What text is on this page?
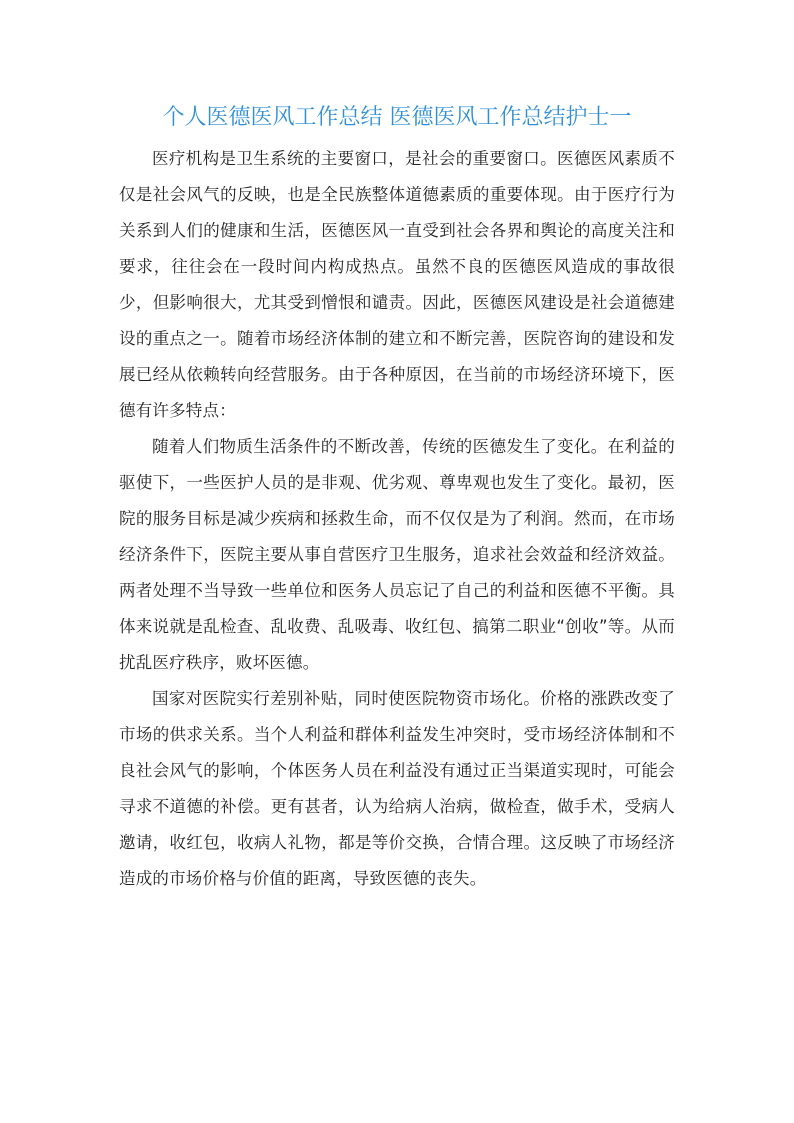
个人医德医风工作总结 医德医风工作总结护士一

医疗机构是卫生系统的主要窗口，是社会的重要窗口。医德医风素质不仅是社会风气的反映，也是全民族整体道德素质的重要体现。由于医疗行为关系到人们的健康和生活，医德医风一直受到社会各界和舆论的高度关注和要求，往往会在一段时间内构成热点。虽然不良的医德医风造成的事故很少，但影响很大，尤其受到憎恨和谴责。因此，医德医风建设是社会道德建设的重点之一。随着市场经济体制的建立和不断完善，医院咨询的建设和发展已经从依赖转向经营服务。由于各种原因，在当前的市场经济环境下，医德有许多特点：

随着人们物质生活条件的不断改善，传统的医德发生了变化。在利益的驱使下，一些医护人员的是非观、优劣观、尊卑观也发生了变化。最初，医院的服务目标是减少疾病和拯救生命，而不仅仅是为了利润。然而，在市场经济条件下，医院主要从事自营医疗卫生服务，追求社会效益和经济效益。两者处理不当导致一些单位和医务人员忘记了自己的利益和医德不平衡。具体来说就是乱检查、乱收费、乱吸毒、收红包、搞第二职业“创收”等。从而扰乱医疗秩序，败坏医德。

国家对医院实行差别补贴，同时使医院物资市场化。价格的涨跌改变了市场的供求关系。当个人利益和群体利益发生冲突时，受市场经济体制和不良社会风气的影响，个体医务人员在利益没有通过正当渠道实现时，可能会寻求不道德的补偿。更有甚者，认为给病人治病，做检查，做手术，受病人邀请，收红包，收病人礼物，都是等价交换，合情合理。这反映了市场经济造成的市场价格与价值的距离，导致医德的丧失。
